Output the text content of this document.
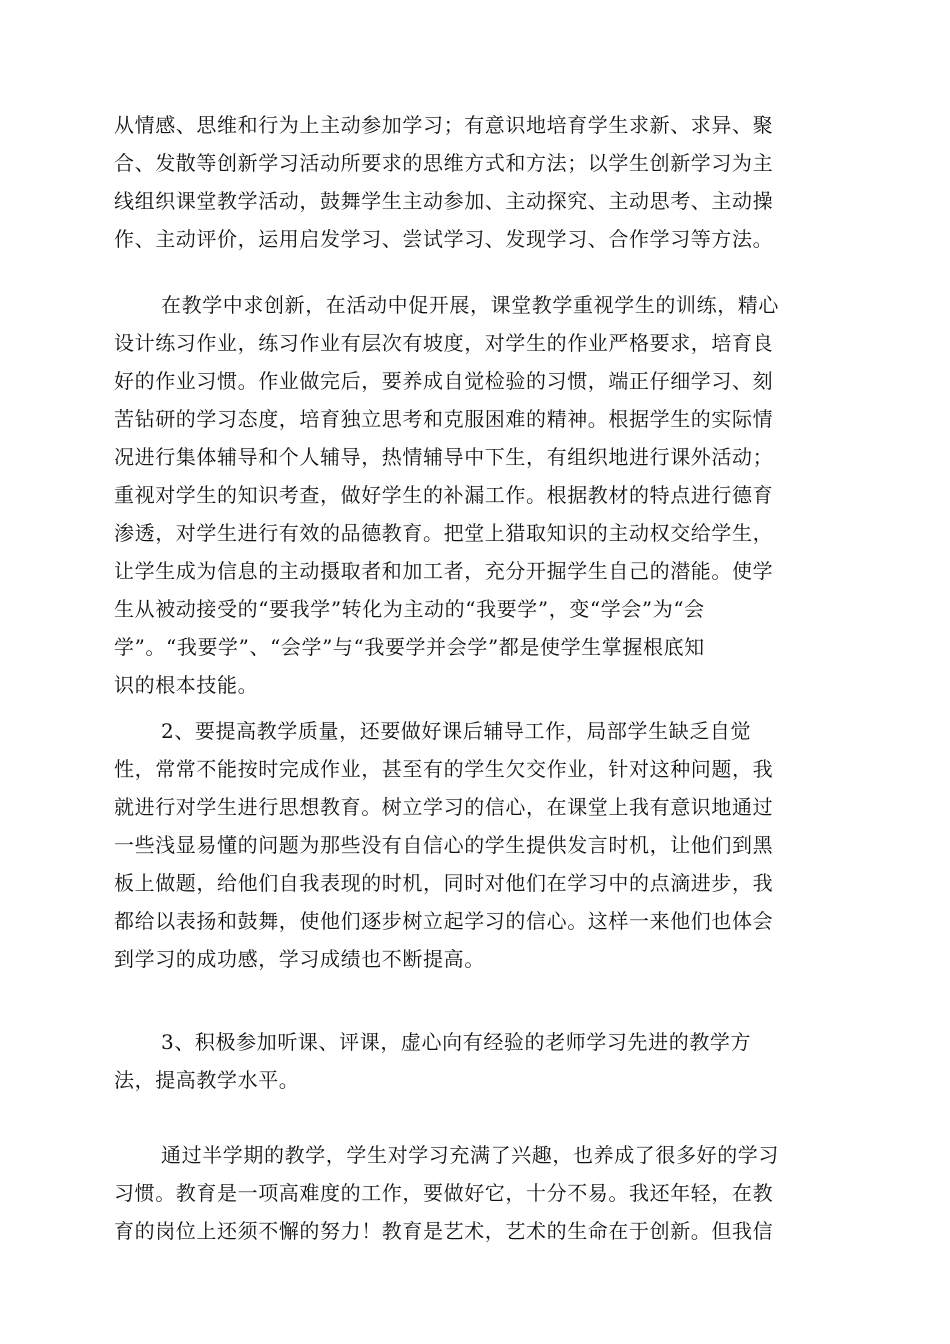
从情感、思维和行为上主动参加学习；有意识地培育学生求新、求异、聚
合、发散等创新学习活动所要求的思维方式和方法；以学生创新学习为主
线组织课堂教学活动，鼓舞学生主动参加、主动探究、主动思考、主动操
作、主动评价，运用启发学习、尝试学习、发现学习、合作学习等方法。

在教学中求创新，在活动中促开展，课堂教学重视学生的训练，精心
设计练习作业，练习作业有层次有坡度，对学生的作业严格要求，培育良
好的作业习惯。作业做完后，要养成自觉检验的习惯，端正仔细学习、刻
苦钻研的学习态度，培育独立思考和克服困难的精神。根据学生的实际情
况进行集体辅导和个人辅导，热情辅导中下生，有组织地进行课外活动；
重视对学生的知识考查，做好学生的补漏工作。根据教材的特点进行德育
渗透，对学生进行有效的品德教育。把堂上猎取知识的主动权交给学生，
让学生成为信息的主动摄取者和加工者，充分开掘学生自己的潜能。使学
生从被动接受的“要我学”转化为主动的“我要学”，变“学会”为“会
学”。“我要学”、“会学”与“我要学并会学”都是使学生掌握根底知
识的根本技能。

2、要提高教学质量，还要做好课后辅导工作，局部学生缺乏自觉
性，常常不能按时完成作业，甚至有的学生欠交作业，针对这种问题，我
就进行对学生进行思想教育。树立学习的信心，在课堂上我有意识地通过
一些浅显易懂的问题为那些没有自信心的学生提供发言时机，让他们到黑
板上做题，给他们自我表现的时机，同时对他们在学习中的点滴进步，我
都给以表扬和鼓舞，使他们逐步树立起学习的信心。这样一来他们也体会
到学习的成功感，学习成绩也不断提高。

3、积极参加听课、评课，虚心向有经验的老师学习先进的教学方
法，提高教学水平。

通过半学期的教学，学生对学习充满了兴趣，也养成了很多好的学习
习惯。教育是一项高难度的工作，要做好它，十分不易。我还年轻，在教
育的岗位上还须不懈的努力！教育是艺术，艺术的生命在于创新。但我信
